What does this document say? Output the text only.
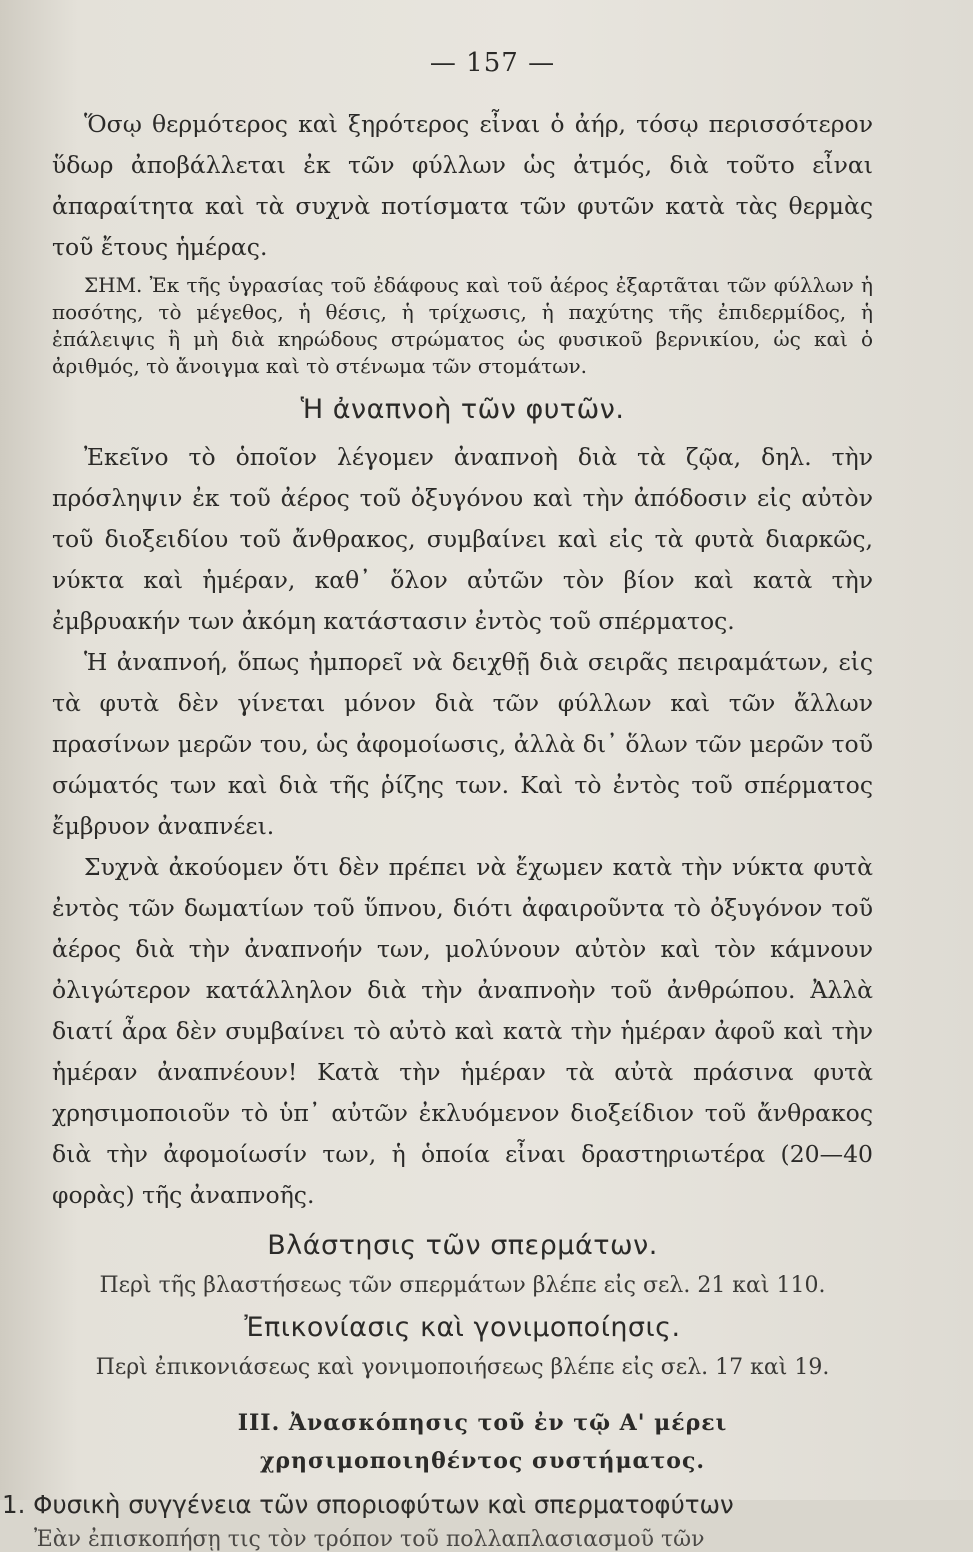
— 157 —

Ὅσῳ θερμότερος καὶ ξηρότερος εἶναι ὁ ἀήρ, τόσῳ περισσότερον ὕδωρ ἀποβάλλεται ἐκ τῶν φύλλων ὡς ἀτμός, διὰ τοῦτο εἶναι ἀπαραίτητα καὶ τὰ συχνὰ ποτίσματα τῶν φυτῶν κατὰ τὰς θερμὰς τοῦ ἔτους ἡμέρας.

ΣΗΜ. Ἐκ τῆς ὑγρασίας τοῦ ἐδάφους καὶ τοῦ ἀέρος ἐξαρτᾶται τῶν φύλλων ἡ ποσότης, τὸ μέγεθος, ἡ θέσις, ἡ τρίχωσις, ἡ παχύτης τῆς ἐπιδερμίδος, ἡ ἐπάλειψις ἢ μὴ διὰ κηρώδους στρώματος ὡς φυσικοῦ βερνικίου, ὡς καὶ ὁ ἀριθμός, τὸ ἄνοιγμα καὶ τὸ στένωμα τῶν στομάτων.

Ἡ ἀναπνοὴ τῶν φυτῶν.

Ἐκεῖνο τὸ ὁποῖον λέγομεν ἀναπνοὴ διὰ τὰ ζῷα, δηλ. τὴν πρόσληψιν ἐκ τοῦ ἀέρος τοῦ ὀξυγόνου καὶ τὴν ἀπόδοσιν εἰς αὐτὸν τοῦ διοξειδίου τοῦ ἄνθρακος, συμβαίνει καὶ εἰς τὰ φυτὰ διαρκῶς, νύκτα καὶ ἡμέραν, καθ᾽ ὅλον αὐτῶν τὸν βίον καὶ κατὰ τὴν ἐμβρυακήν των ἀκόμη κατάστασιν ἐντὸς τοῦ σπέρματος.

Ἡ ἀναπνοή, ὅπως ἠμπορεῖ νὰ δειχθῇ διὰ σειρᾶς πειραμάτων, εἰς τὰ φυτὰ δὲν γίνεται μόνον διὰ τῶν φύλλων καὶ τῶν ἄλλων πρασίνων μερῶν του, ὡς ἀφομοίωσις, ἀλλὰ δι᾽ ὅλων τῶν μερῶν τοῦ σώματός των καὶ διὰ τῆς ῥίζης των. Καὶ τὸ ἐντὸς τοῦ σπέρματος ἔμβρυον ἀναπνέει.

Συχνὰ ἀκούομεν ὅτι δὲν πρέπει νὰ ἔχωμεν κατὰ τὴν νύκτα φυτὰ ἐντὸς τῶν δωματίων τοῦ ὕπνου, διότι ἀφαιροῦντα τὸ ὀξυγόνον τοῦ ἀέρος διὰ τὴν ἀναπνοήν των, μολύνουν αὐτὸν καὶ τὸν κάμνουν ὀλιγώτερον κατάλληλον διὰ τὴν ἀναπνοὴν τοῦ ἀνθρώπου. Ἀλλὰ διατί ἆρα δὲν συμβαίνει τὸ αὐτὸ καὶ κατὰ τὴν ἡμέραν ἀφοῦ καὶ τὴν ἡμέραν ἀναπνέουν! Κατὰ τὴν ἡμέραν τὰ αὐτὰ πράσινα φυτὰ χρησιμοποιοῦν τὸ ὑπ᾽ αὐτῶν ἐκλυόμενον διοξείδιον τοῦ ἄνθρακος διὰ τὴν ἀφομοίωσίν των, ἡ ὁποία εἶναι δραστηριωτέρα (20—40 φορὰς) τῆς ἀναπνοῆς.

Βλάστησις τῶν σπερμάτων.
Περὶ τῆς βλαστήσεως τῶν σπερμάτων βλέπε εἰς σελ. 21 καὶ 110.
Ἐπικονίασις καὶ γονιμοποίησις.
Περὶ ἐπικονιάσεως καὶ γονιμοποιήσεως βλέπε εἰς σελ. 17 καὶ 19.
ΙΙΙ. Ἀνασκόπησις τοῦ ἐν τῷ Α' μέρει
χρησιμοποιηθέντος συστήματος.
1. Φυσικὴ συγγένεια τῶν σποριοφύτων καὶ σπερματοφύτων
Ἐὰν ἐπισκοπήσῃ τις τὸν τρόπον τοῦ πολλαπλασιασμοῦ τῶν
